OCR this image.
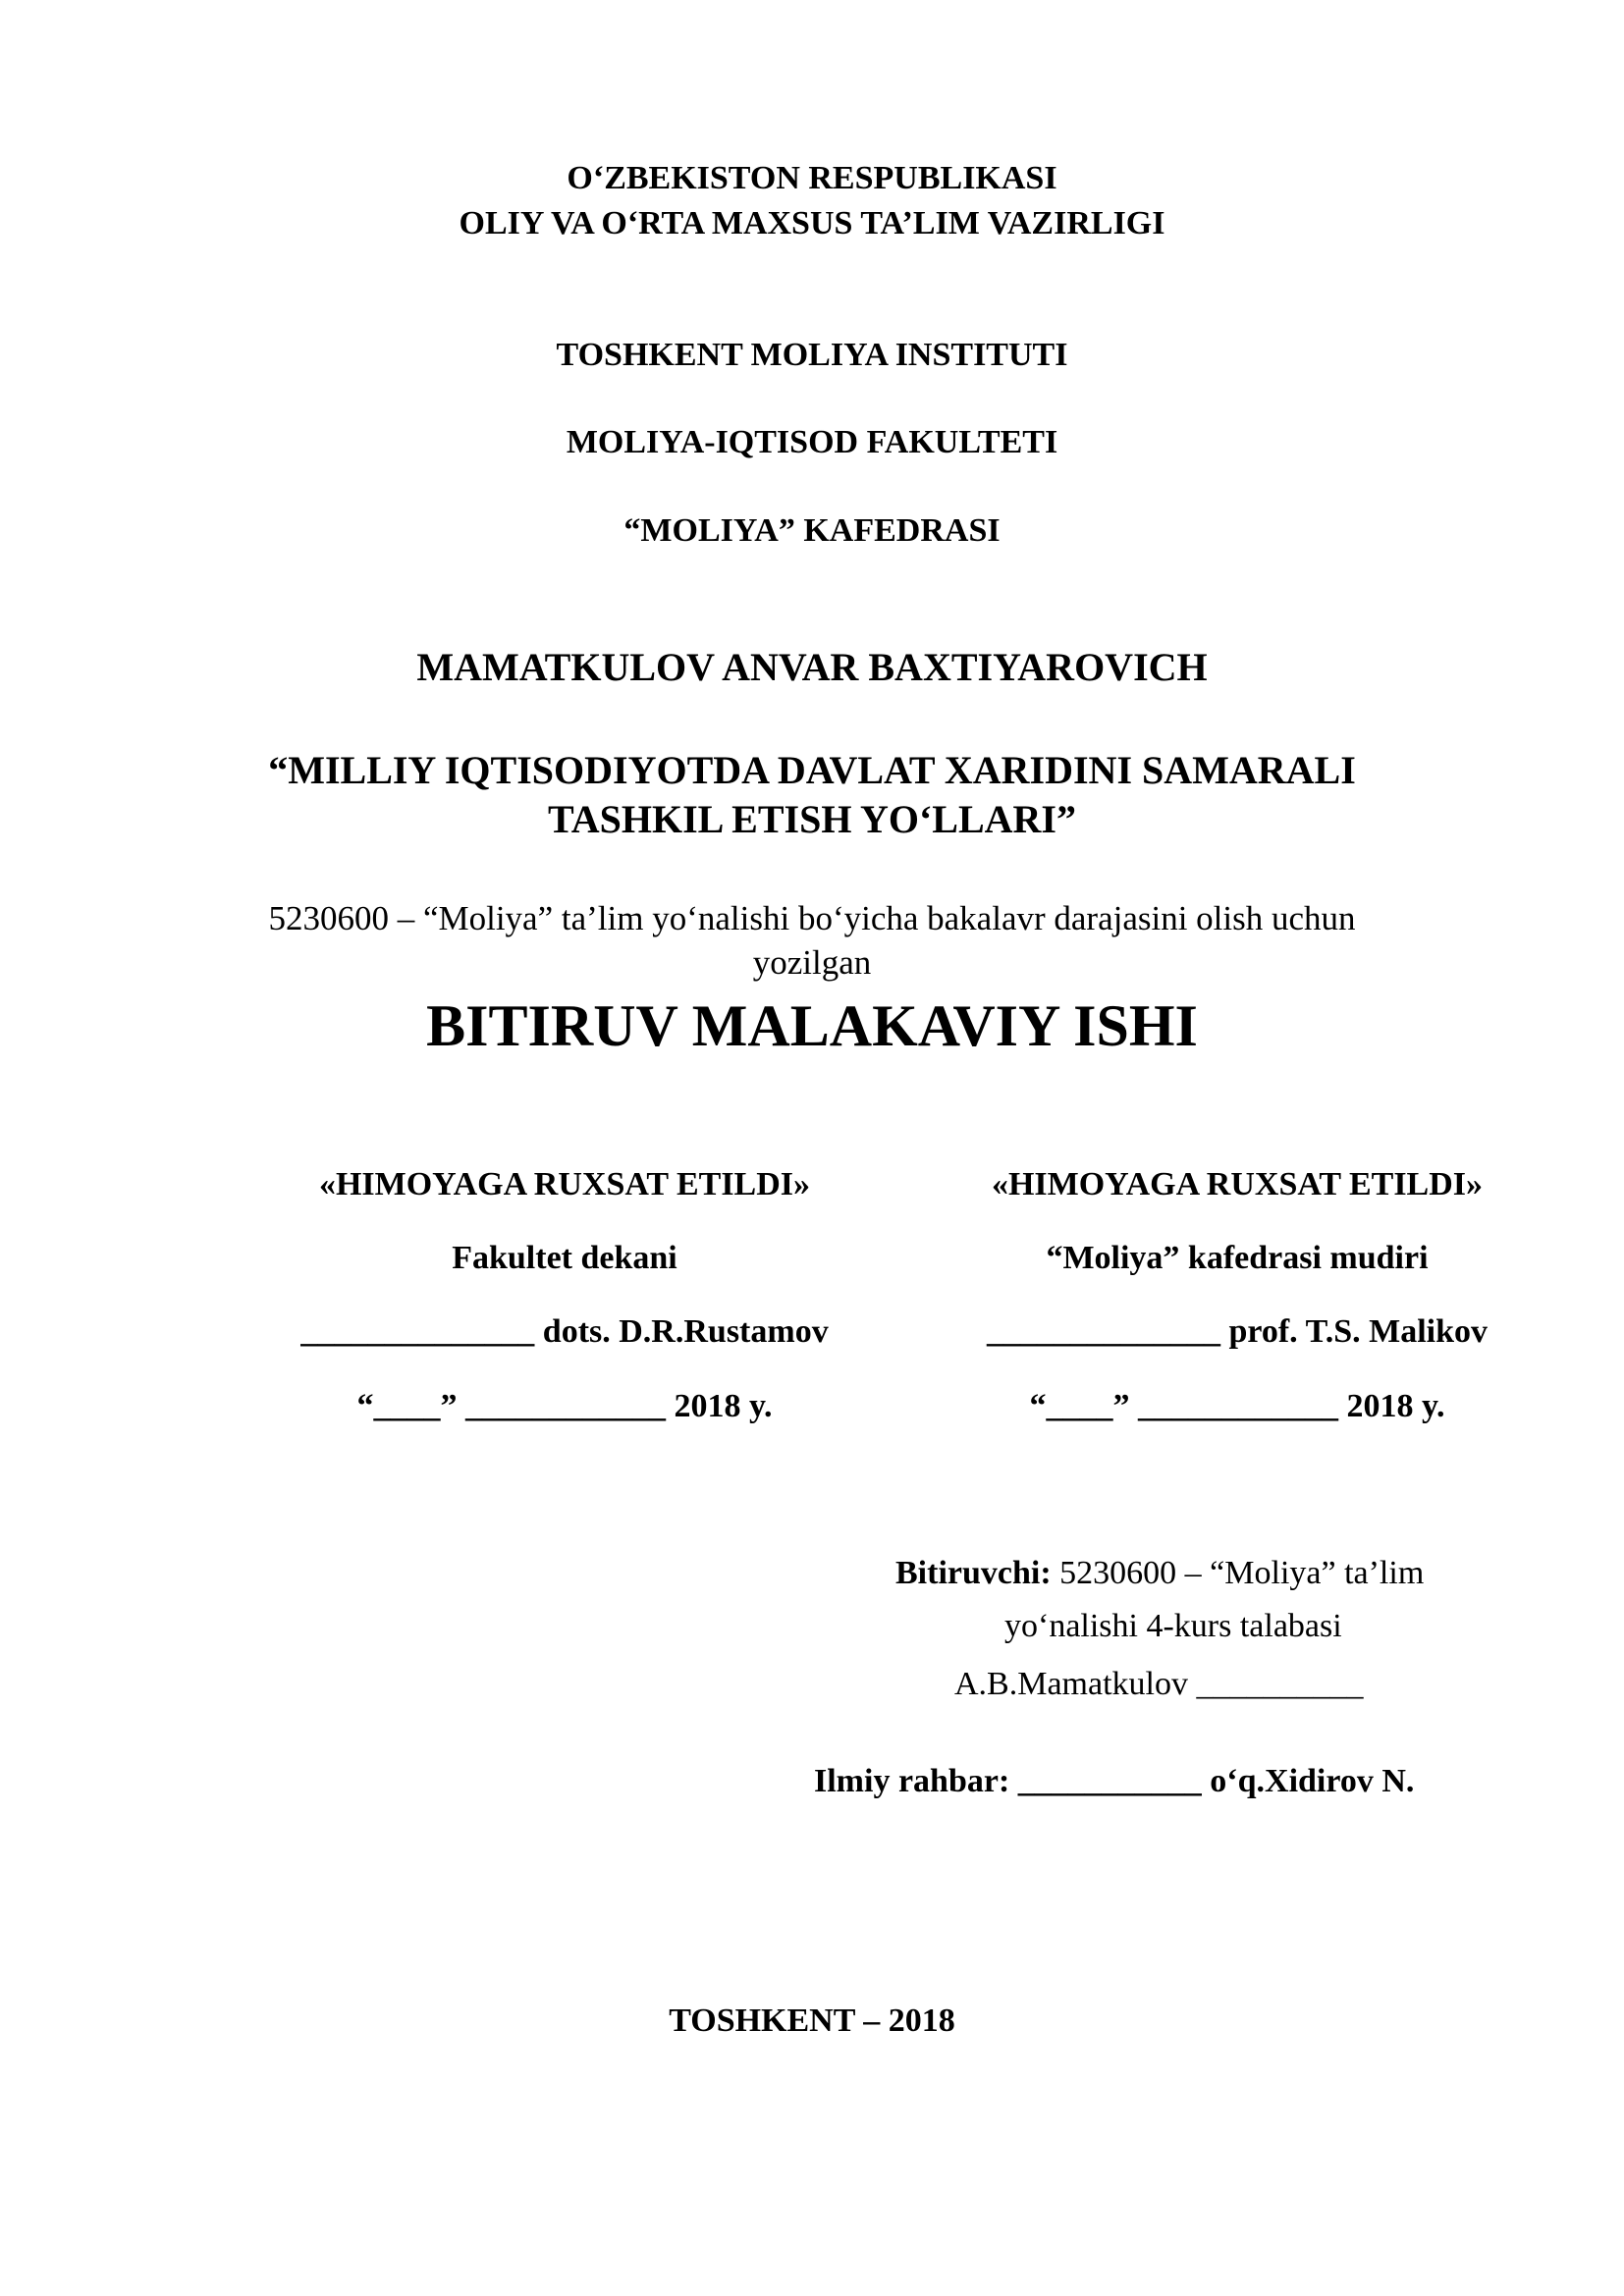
O‘ZBEKISTON RESPUBLIKASI
OLIY VA O‘RTA MAXSUS TA’LIM VAZIRLIGI
TOSHKENT MOLIYA INSTITUTI
MOLIYA-IQTISOD FAKULTETI
“MOLIYA” KAFEDRASI
MAMATKULOV ANVAR BAXTIYAROVICH
“MILLIY IQTISODIYOTDA DAVLAT XARIDINI SAMARALI
TASHKIL ETISH YO‘LLARI”
5230600 – “Moliya” ta’lim yo‘nalishi bo‘yicha bakalavr darajasini olish uchun
yozilgan
BITIRUV MALAKAVIY ISHI
«HIMOYAGA RUXSAT ETILDI»
Fakultet dekani
______________ dots. D.R.Rustamov
“____” ____________ 2018 y.
«HIMOYAGA RUXSAT ETILDI»
“Moliya” kafedrasi mudiri
______________ prof. T.S. Malikov
“____” ____________ 2018 y.
Bitiruvchi: 5230600 – “Moliya” ta’lim
yo‘nalishi 4-kurs talabasi
A.B.Mamatkulov __________
Ilmiy rahbar: ___________ o‘q.Xidirov N.
TOSHKENT – 2018
